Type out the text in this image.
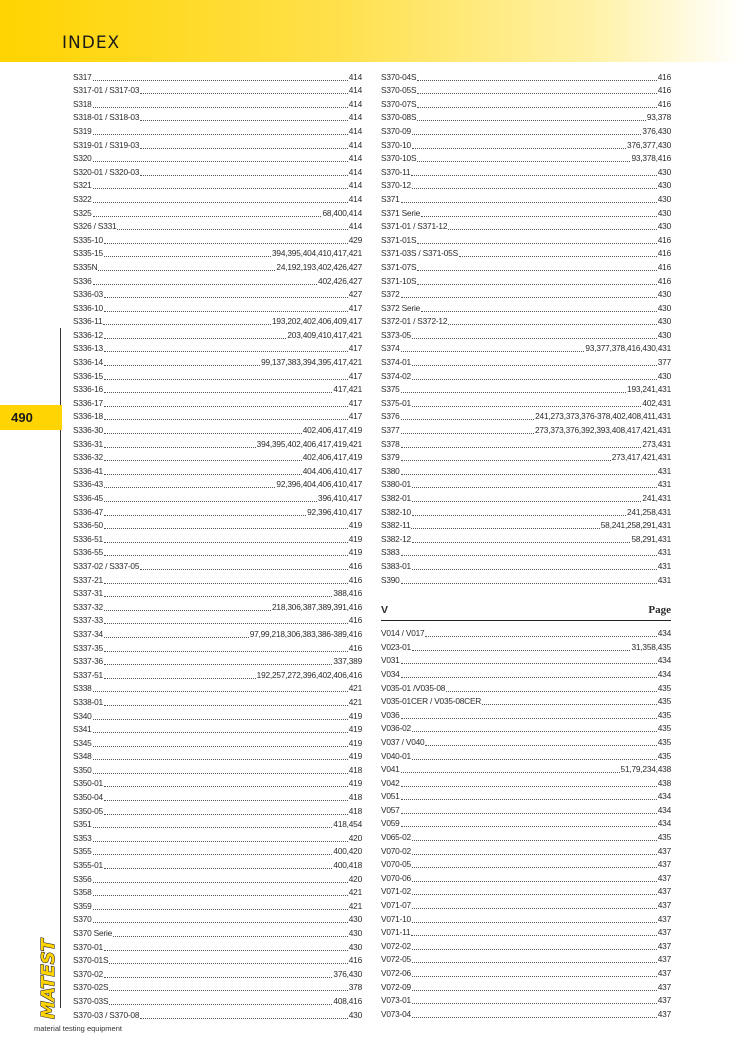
INDEX
490
S317	414
S317-01 / S317-03	414
S318	414
S318-01 / S318-03	414
S319	414
S319-01 / S319-03	414
S320	414
S320-01 / S320-03	414
S321	414
S322	414
S325	68,400,414
S326 / S331	414
S335-10	429
S335-15	394,395,404,410,417,421
S335N	24,192,193,402,426,427
S336	402,426,427
S336-03	427
S336-10	417
S336-11	193,202,402,406,409,417
S336-12	203,409,410,417,421
S336-13	417
S336-14	99,137,383,394,395,417,421
S336-15	417
S336-16	417,421
S336-17	417
S336-18	417
S336-30	402,406,417,419
S336-31	394,395,402,406,417,419,421
S336-32	402,406,417,419
S336-41	404,406,410,417
S336-43	92,396,404,406,410,417
S336-45	396,410,417
S336-47	92,396,410,417
S336-50	419
S336-51	419
S336-55	419
S337-02 / S337-05	416
S337-21	416
S337-31	388,416
S337-32	218,306,387,389,391,416
S337-33	416
S337-34	97,99,218,306,383,386-389,416
S337-35	416
S337-36	337,389
S337-51	192,257,272,396,402,406,416
S338	421
S338-01	421
S340	419
S341	419
S345	419
S348	419
S350	418
S350-01	419
S350-04	418
S350-05	418
S351	418,454
S353	420
S355	400,420
S355-01	400,418
S356	420
S358	421
S359	421
S370	430
S370 Serie	430
S370-01	430
S370-01S	416
S370-02	376,430
S370-02S	378
S370-03S	408,416
S370-03 / S370-08	430
S370-04S	416
S370-05S	416
S370-07S	416
S370-08S	93,378
S370-09	376,430
S370-10	376,377,430
S370-10S	93,378,416
S370-11	430
S370-12	430
S371	430
S371 Serie	430
S371-01 / S371-12	430
S371-01S	416
S371-03S / S371-05S	416
S371-07S	416
S371-10S	416
S372	430
S372 Serie	430
S372-01 / S372-12	430
S373-05	430
S374	93,377,378,416,430,431
S374-01	377
S374-02	430
S375	193,241,431
S375-01	402,431
S376	241,273,373,376-378,402,408,411,431
S377	273,373,376,392,393,408,417,421,431
S378	273,431
S379	273,417,421,431
S380	431
S380-01	431
S382-01	241,431
S382-10	241,258,431
S382-11	58,241,258,291,431
S382-12	58,291,431
S383	431
S383-01	431
S390	431
V	Page
V014 / V017	434
V023-01	31,358,435
V031	434
V034	434
V035-01 /V035-08	435
V035-01CER / V035-08CER	435
V036	435
V036-02	435
V037 / V040	435
V040-01	435
V041	51,79,234,438
V042	438
V051	434
V057	434
V059	434
V065-02	435
V070-02	437
V070-05	437
V070-06	437
V071-02	437
V071-07	437
V071-10	437
V071-11	437
V072-02	437
V072-05	437
V072-06	437
V072-09	437
V073-01	437
V073-04	437
MATEST
material testing equipment
